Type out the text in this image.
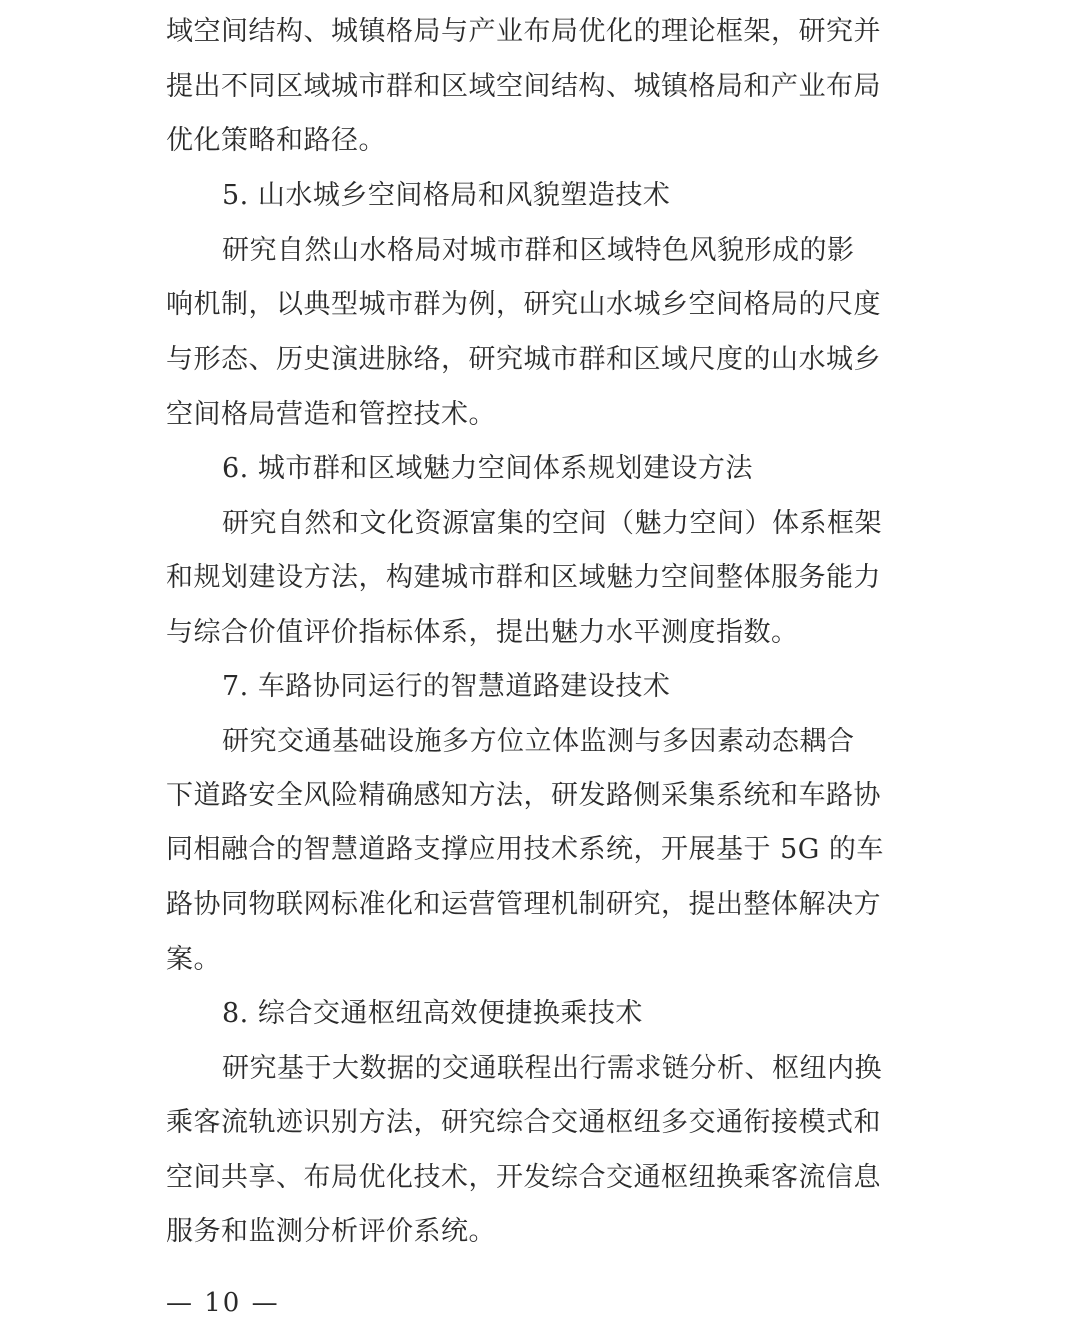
域空间结构、城镇格局与产业布局优化的理论框架，研究并
提出不同区域城市群和区域空间结构、城镇格局和产业布局
优化策略和路径。
5. 山水城乡空间格局和风貌塑造技术
研究自然山水格局对城市群和区域特色风貌形成的影
响机制，以典型城市群为例，研究山水城乡空间格局的尺度
与形态、历史演进脉络，研究城市群和区域尺度的山水城乡
空间格局营造和管控技术。
6. 城市群和区域魅力空间体系规划建设方法
研究自然和文化资源富集的空间（魅力空间）体系框架
和规划建设方法，构建城市群和区域魅力空间整体服务能力
与综合价值评价指标体系，提出魅力水平测度指数。
7. 车路协同运行的智慧道路建设技术
研究交通基础设施多方位立体监测与多因素动态耦合
下道路安全风险精确感知方法，研发路侧采集系统和车路协
同相融合的智慧道路支撑应用技术系统，开展基于 5G 的车
路协同物联网标准化和运营管理机制研究，提出整体解决方
案。
8. 综合交通枢纽高效便捷换乘技术
研究基于大数据的交通联程出行需求链分析、枢纽内换
乘客流轨迹识别方法，研究综合交通枢纽多交通衔接模式和
空间共享、布局优化技术，开发综合交通枢纽换乘客流信息
服务和监测分析评价系统。
— 10 —
